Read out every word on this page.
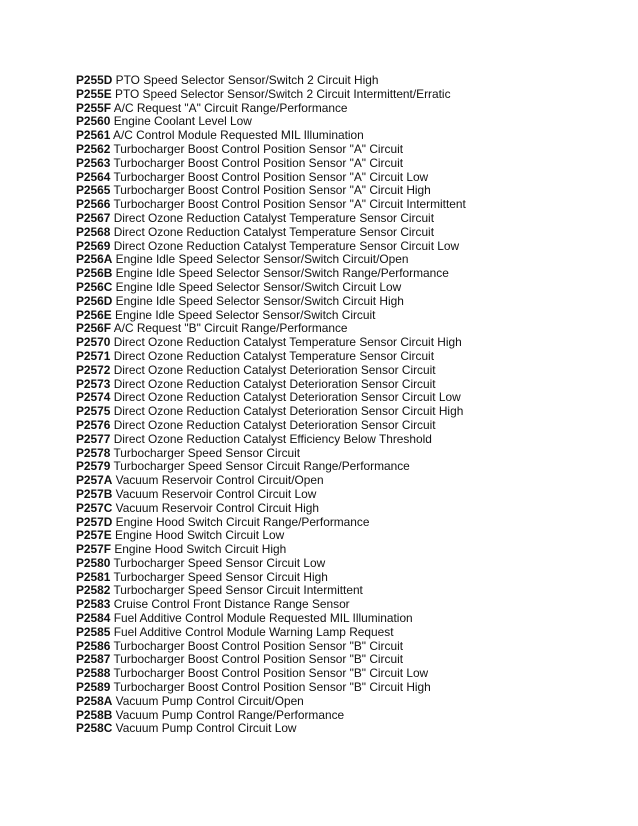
P255D PTO Speed Selector Sensor/Switch 2 Circuit High
P255E PTO Speed Selector Sensor/Switch 2 Circuit Intermittent/Erratic
P255F A/C Request "A" Circuit Range/Performance
P2560 Engine Coolant Level Low
P2561 A/C Control Module Requested MIL Illumination
P2562 Turbocharger Boost Control Position Sensor "A" Circuit
P2563 Turbocharger Boost Control Position Sensor "A" Circuit
P2564 Turbocharger Boost Control Position Sensor "A" Circuit Low
P2565 Turbocharger Boost Control Position Sensor "A" Circuit High
P2566 Turbocharger Boost Control Position Sensor "A" Circuit Intermittent
P2567 Direct Ozone Reduction Catalyst Temperature Sensor Circuit
P2568 Direct Ozone Reduction Catalyst Temperature Sensor Circuit
P2569 Direct Ozone Reduction Catalyst Temperature Sensor Circuit Low
P256A Engine Idle Speed Selector Sensor/Switch Circuit/Open
P256B Engine Idle Speed Selector Sensor/Switch Range/Performance
P256C Engine Idle Speed Selector Sensor/Switch Circuit Low
P256D Engine Idle Speed Selector Sensor/Switch Circuit High
P256E Engine Idle Speed Selector Sensor/Switch Circuit
P256F A/C Request "B" Circuit Range/Performance
P2570 Direct Ozone Reduction Catalyst Temperature Sensor Circuit High
P2571 Direct Ozone Reduction Catalyst Temperature Sensor Circuit
P2572 Direct Ozone Reduction Catalyst Deterioration Sensor Circuit
P2573 Direct Ozone Reduction Catalyst Deterioration Sensor Circuit
P2574 Direct Ozone Reduction Catalyst Deterioration Sensor Circuit Low
P2575 Direct Ozone Reduction Catalyst Deterioration Sensor Circuit High
P2576 Direct Ozone Reduction Catalyst Deterioration Sensor Circuit
P2577 Direct Ozone Reduction Catalyst Efficiency Below Threshold
P2578 Turbocharger Speed Sensor Circuit
P2579 Turbocharger Speed Sensor Circuit Range/Performance
P257A Vacuum Reservoir Control Circuit/Open
P257B Vacuum Reservoir Control Circuit Low
P257C Vacuum Reservoir Control Circuit High
P257D Engine Hood Switch Circuit Range/Performance
P257E Engine Hood Switch Circuit Low
P257F Engine Hood Switch Circuit High
P2580 Turbocharger Speed Sensor Circuit Low
P2581 Turbocharger Speed Sensor Circuit High
P2582 Turbocharger Speed Sensor Circuit Intermittent
P2583 Cruise Control Front Distance Range Sensor
P2584 Fuel Additive Control Module Requested MIL Illumination
P2585 Fuel Additive Control Module Warning Lamp Request
P2586 Turbocharger Boost Control Position Sensor "B" Circuit
P2587 Turbocharger Boost Control Position Sensor "B" Circuit
P2588 Turbocharger Boost Control Position Sensor "B" Circuit Low
P2589 Turbocharger Boost Control Position Sensor "B" Circuit High
P258A Vacuum Pump Control Circuit/Open
P258B Vacuum Pump Control Range/Performance
P258C Vacuum Pump Control Circuit Low
